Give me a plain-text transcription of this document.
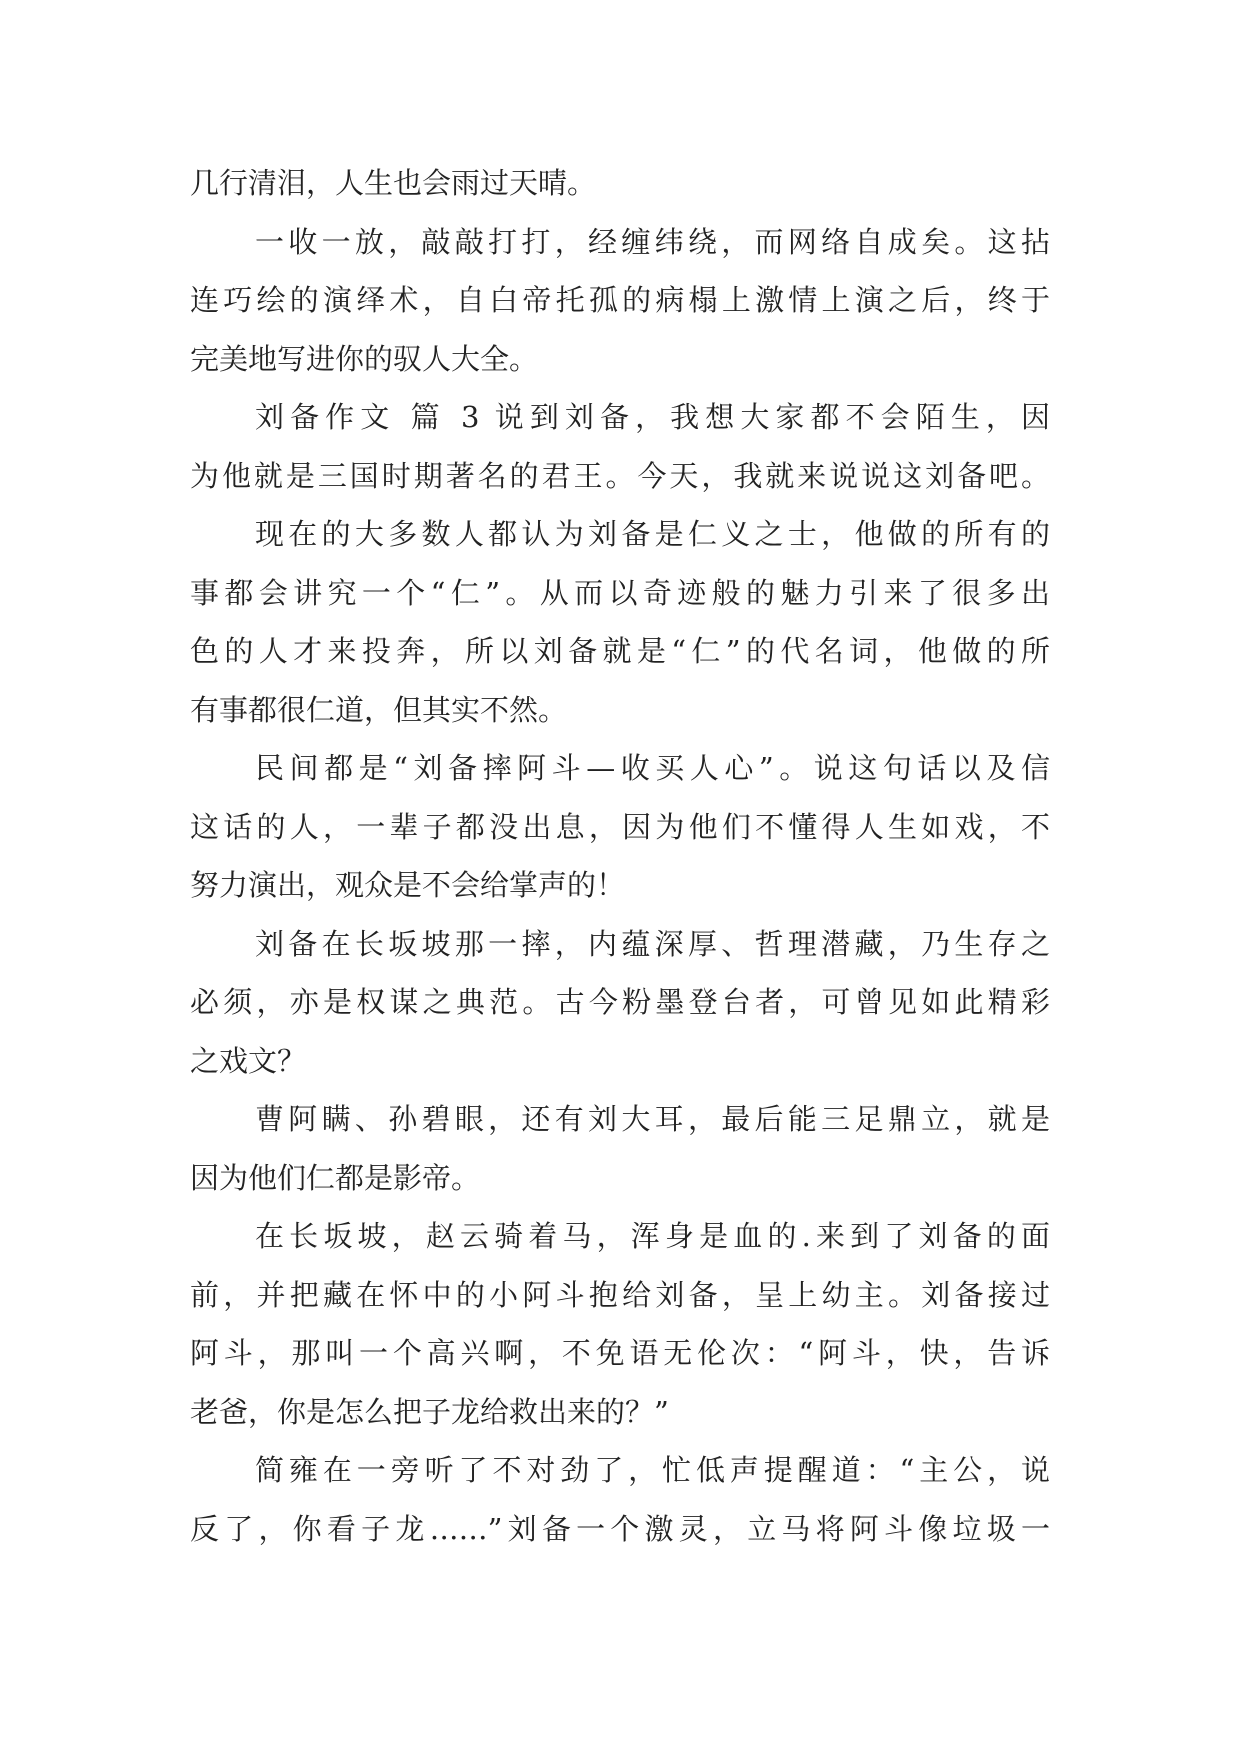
几行清泪，人生也会雨过天晴。
一收一放，敲敲打打，经缠纬绕，而网络自成矣。这拈
连巧绘的演绎术，自白帝托孤的病榻上激情上演之后，终于
完美地写进你的驭人大全。
刘备作文 篇 3 说到刘备，我想大家都不会陌生，因
为他就是三国时期著名的君王。今天，我就来说说这刘备吧。
现在的大多数人都认为刘备是仁义之士，他做的所有的
事都会讲究一个“仁”。从而以奇迹般的魅力引来了很多出
色的人才来投奔，所以刘备就是“仁”的代名词，他做的所
有事都很仁道，但其实不然。
民间都是“刘备摔阿斗—收买人心”。说这句话以及信
这话的人，一辈子都没出息，因为他们不懂得人生如戏，不
努力演出，观众是不会给掌声的！
刘备在长坂坡那一摔，内蕴深厚、哲理潜藏，乃生存之
必须，亦是权谋之典范。古今粉墨登台者，可曾见如此精彩
之戏文？
曹阿瞒、孙碧眼，还有刘大耳，最后能三足鼎立，就是
因为他们仁都是影帝。
在长坂坡，赵云骑着马，浑身是血的.来到了刘备的面
前，并把藏在怀中的小阿斗抱给刘备，呈上幼主。刘备接过
阿斗，那叫一个高兴啊，不免语无伦次：“阿斗，快，告诉
老爸，你是怎么把子龙给救出来的？”
简雍在一旁听了不对劲了，忙低声提醒道：“主公，说
反了，你看子龙……”刘备一个激灵，立马将阿斗像垃圾一
